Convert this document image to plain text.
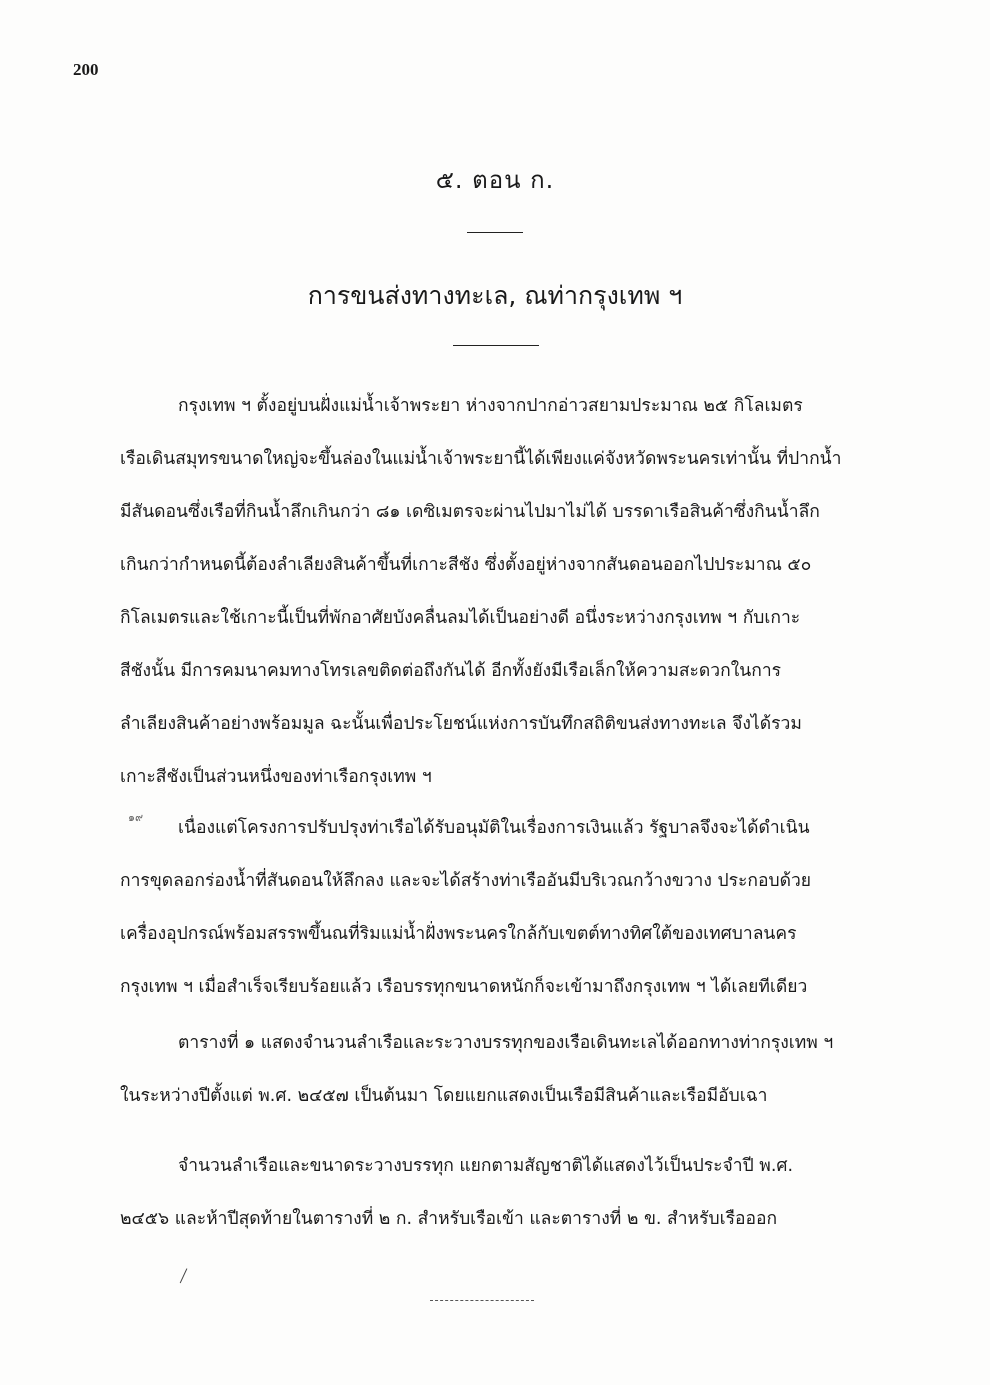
200
๕. ตอน ก.
การขนส่งทางทะเล, ณท่ากรุงเทพ ฯ
กรุงเทพ ฯ ตั้งอยู่บนฝั่งแม่น้ำเจ้าพระยา ห่างจากปากอ่าวสยามประมาณ ๒๕ กิโลเมตร
เรือเดินสมุทรขนาดใหญ่จะขึ้นล่องในแม่น้ำเจ้าพระยานี้ได้เพียงแค่จังหวัดพระนครเท่านั้น ที่ปากน้ำ
มีสันดอนซึ่งเรือที่กินน้ำลึกเกินกว่า ๘๑ เดซิเมตรจะผ่านไปมาไม่ได้ บรรดาเรือสินค้าซึ่งกินน้ำลึก
เกินกว่ากำหนดนี้ต้องลำเลียงสินค้าขึ้นที่เกาะสีชัง ซึ่งตั้งอยู่ห่างจากสันดอนออกไปประมาณ ๕๐
กิโลเมตรและใช้เกาะนี้เป็นที่พักอาศัยบังคลื่นลมได้เป็นอย่างดี อนึ่งระหว่างกรุงเทพ ฯ กับเกาะ
สีชังนั้น มีการคมนาคมทางโทรเลขติดต่อถึงกันได้ อีกทั้งยังมีเรือเล็กให้ความสะดวกในการ
ลำเลียงสินค้าอย่างพร้อมมูล ฉะนั้นเพื่อประโยชน์แห่งการบันทึกสถิติขนส่งทางทะเล จึงได้รวม
เกาะสีชังเป็นส่วนหนึ่งของท่าเรือกรุงเทพ ฯ
๑๙
เนื่องแต่โครงการปรับปรุงท่าเรือได้รับอนุมัติในเรื่องการเงินแล้ว รัฐบาลจึงจะได้ดำเนิน
การขุดลอกร่องน้ำที่สันดอนให้ลึกลง และจะได้สร้างท่าเรืออันมีบริเวณกว้างขวาง ประกอบด้วย
เครื่องอุปกรณ์พร้อมสรรพขึ้นณที่ริมแม่น้ำฝั่งพระนครใกล้กับเขตต์ทางทิศใต้ของเทศบาลนคร
กรุงเทพ ฯ เมื่อสำเร็จเรียบร้อยแล้ว เรือบรรทุกขนาดหนักก็จะเข้ามาถึงกรุงเทพ ฯ ได้เลยทีเดียว
ตารางที่ ๑ แสดงจำนวนลำเรือและระวางบรรทุกของเรือเดินทะเลได้ออกทางท่ากรุงเทพ ฯ
ในระหว่างปีตั้งแต่ พ.ศ. ๒๔๕๗ เป็นต้นมา โดยแยกแสดงเป็นเรือมีสินค้าและเรือมีอับเฉา
จำนวนลำเรือและขนาดระวางบรรทุก แยกตามสัญชาติได้แสดงไว้เป็นประจำปี พ.ศ.
๒๔๕๖ และห้าปีสุดท้ายในตารางที่ ๒ ก. สำหรับเรือเข้า และตารางที่ ๒ ข. สำหรับเรือออก
